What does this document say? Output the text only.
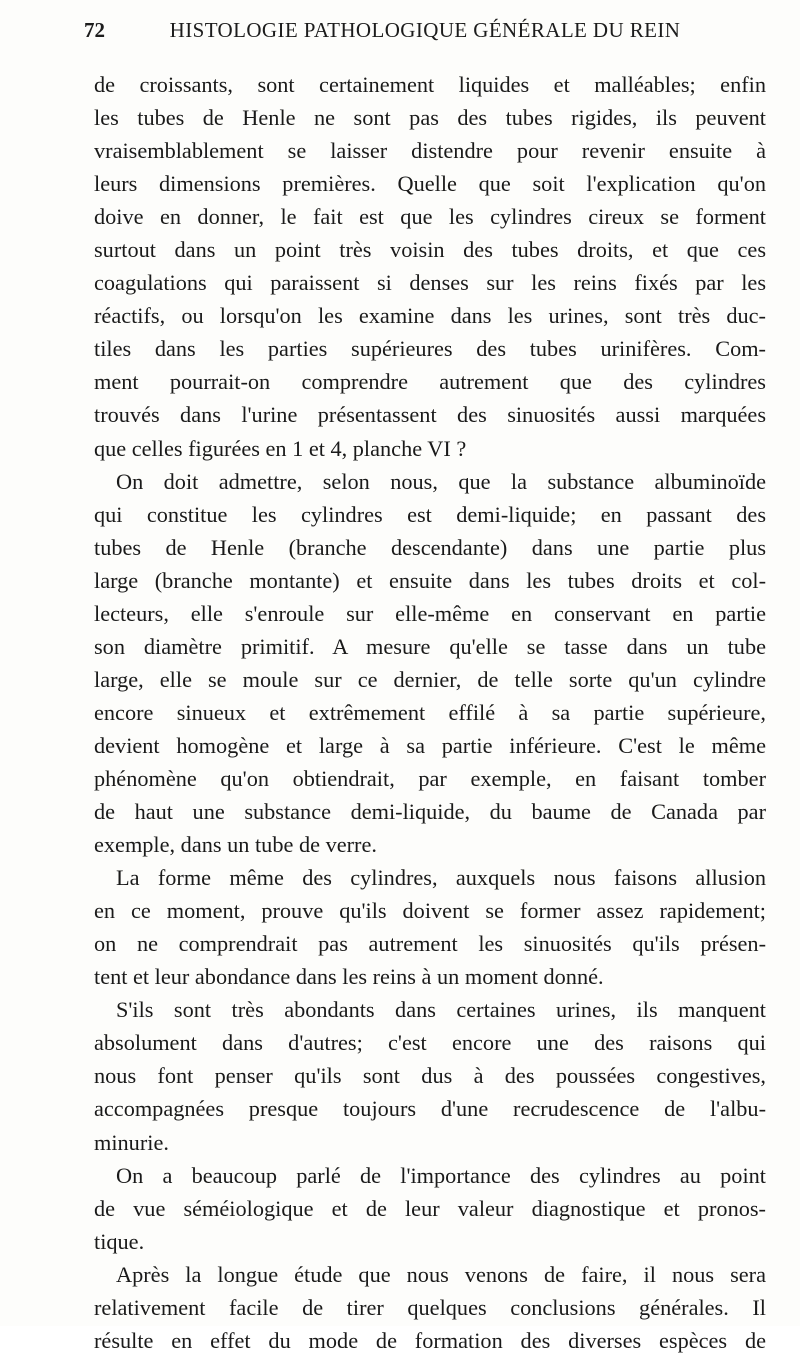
72	HISTOLOGIE PATHOLOGIQUE GÉNÉRALE DU REIN
de croissants, sont certainement liquides et malléables; enfin
les tubes de Henle ne sont pas des tubes rigides, ils peuvent
vraisemblablement se laisser distendre pour revenir ensuite à
leurs dimensions premières. Quelle que soit l'explication qu'on
doive en donner, le fait est que les cylindres cireux se forment
surtout dans un point très voisin des tubes droits, et que ces
coagulations qui paraissent si denses sur les reins fixés par les
réactifs, ou lorsqu'on les examine dans les urines, sont très duc-
tiles dans les parties supérieures des tubes urinifères. Com-
ment pourrait-on comprendre autrement que des cylindres
trouvés dans l'urine présentassent des sinuosités aussi marquées
que celles figurées en 1 et 4, planche VI ?
On doit admettre, selon nous, que la substance albuminoïde
qui constitue les cylindres est demi-liquide; en passant des
tubes de Henle (branche descendante) dans une partie plus
large (branche montante) et ensuite dans les tubes droits et col-
lecteurs, elle s'enroule sur elle-même en conservant en partie
son diamètre primitif. A mesure qu'elle se tasse dans un tube
large, elle se moule sur ce dernier, de telle sorte qu'un cylindre
encore sinueux et extrêmement effilé à sa partie supérieure,
devient homogène et large à sa partie inférieure. C'est le même
phénomène qu'on obtiendrait, par exemple, en faisant tomber
de haut une substance demi-liquide, du baume de Canada par
exemple, dans un tube de verre.
La forme même des cylindres, auxquels nous faisons allusion
en ce moment, prouve qu'ils doivent se former assez rapidement;
on ne comprendrait pas autrement les sinuosités qu'ils présen-
tent et leur abondance dans les reins à un moment donné.
S'ils sont très abondants dans certaines urines, ils manquent
absolument dans d'autres; c'est encore une des raisons qui
nous font penser qu'ils sont dus à des poussées congestives,
accompagnées presque toujours d'une recrudescence de l'albu-
minurie.
On a beaucoup parlé de l'importance des cylindres au point
de vue séméiologique et de leur valeur diagnostique et pronos-
tique.
Après la longue étude que nous venons de faire, il nous sera
relativement facile de tirer quelques conclusions générales. Il
résulte en effet du mode de formation des diverses espèces de
